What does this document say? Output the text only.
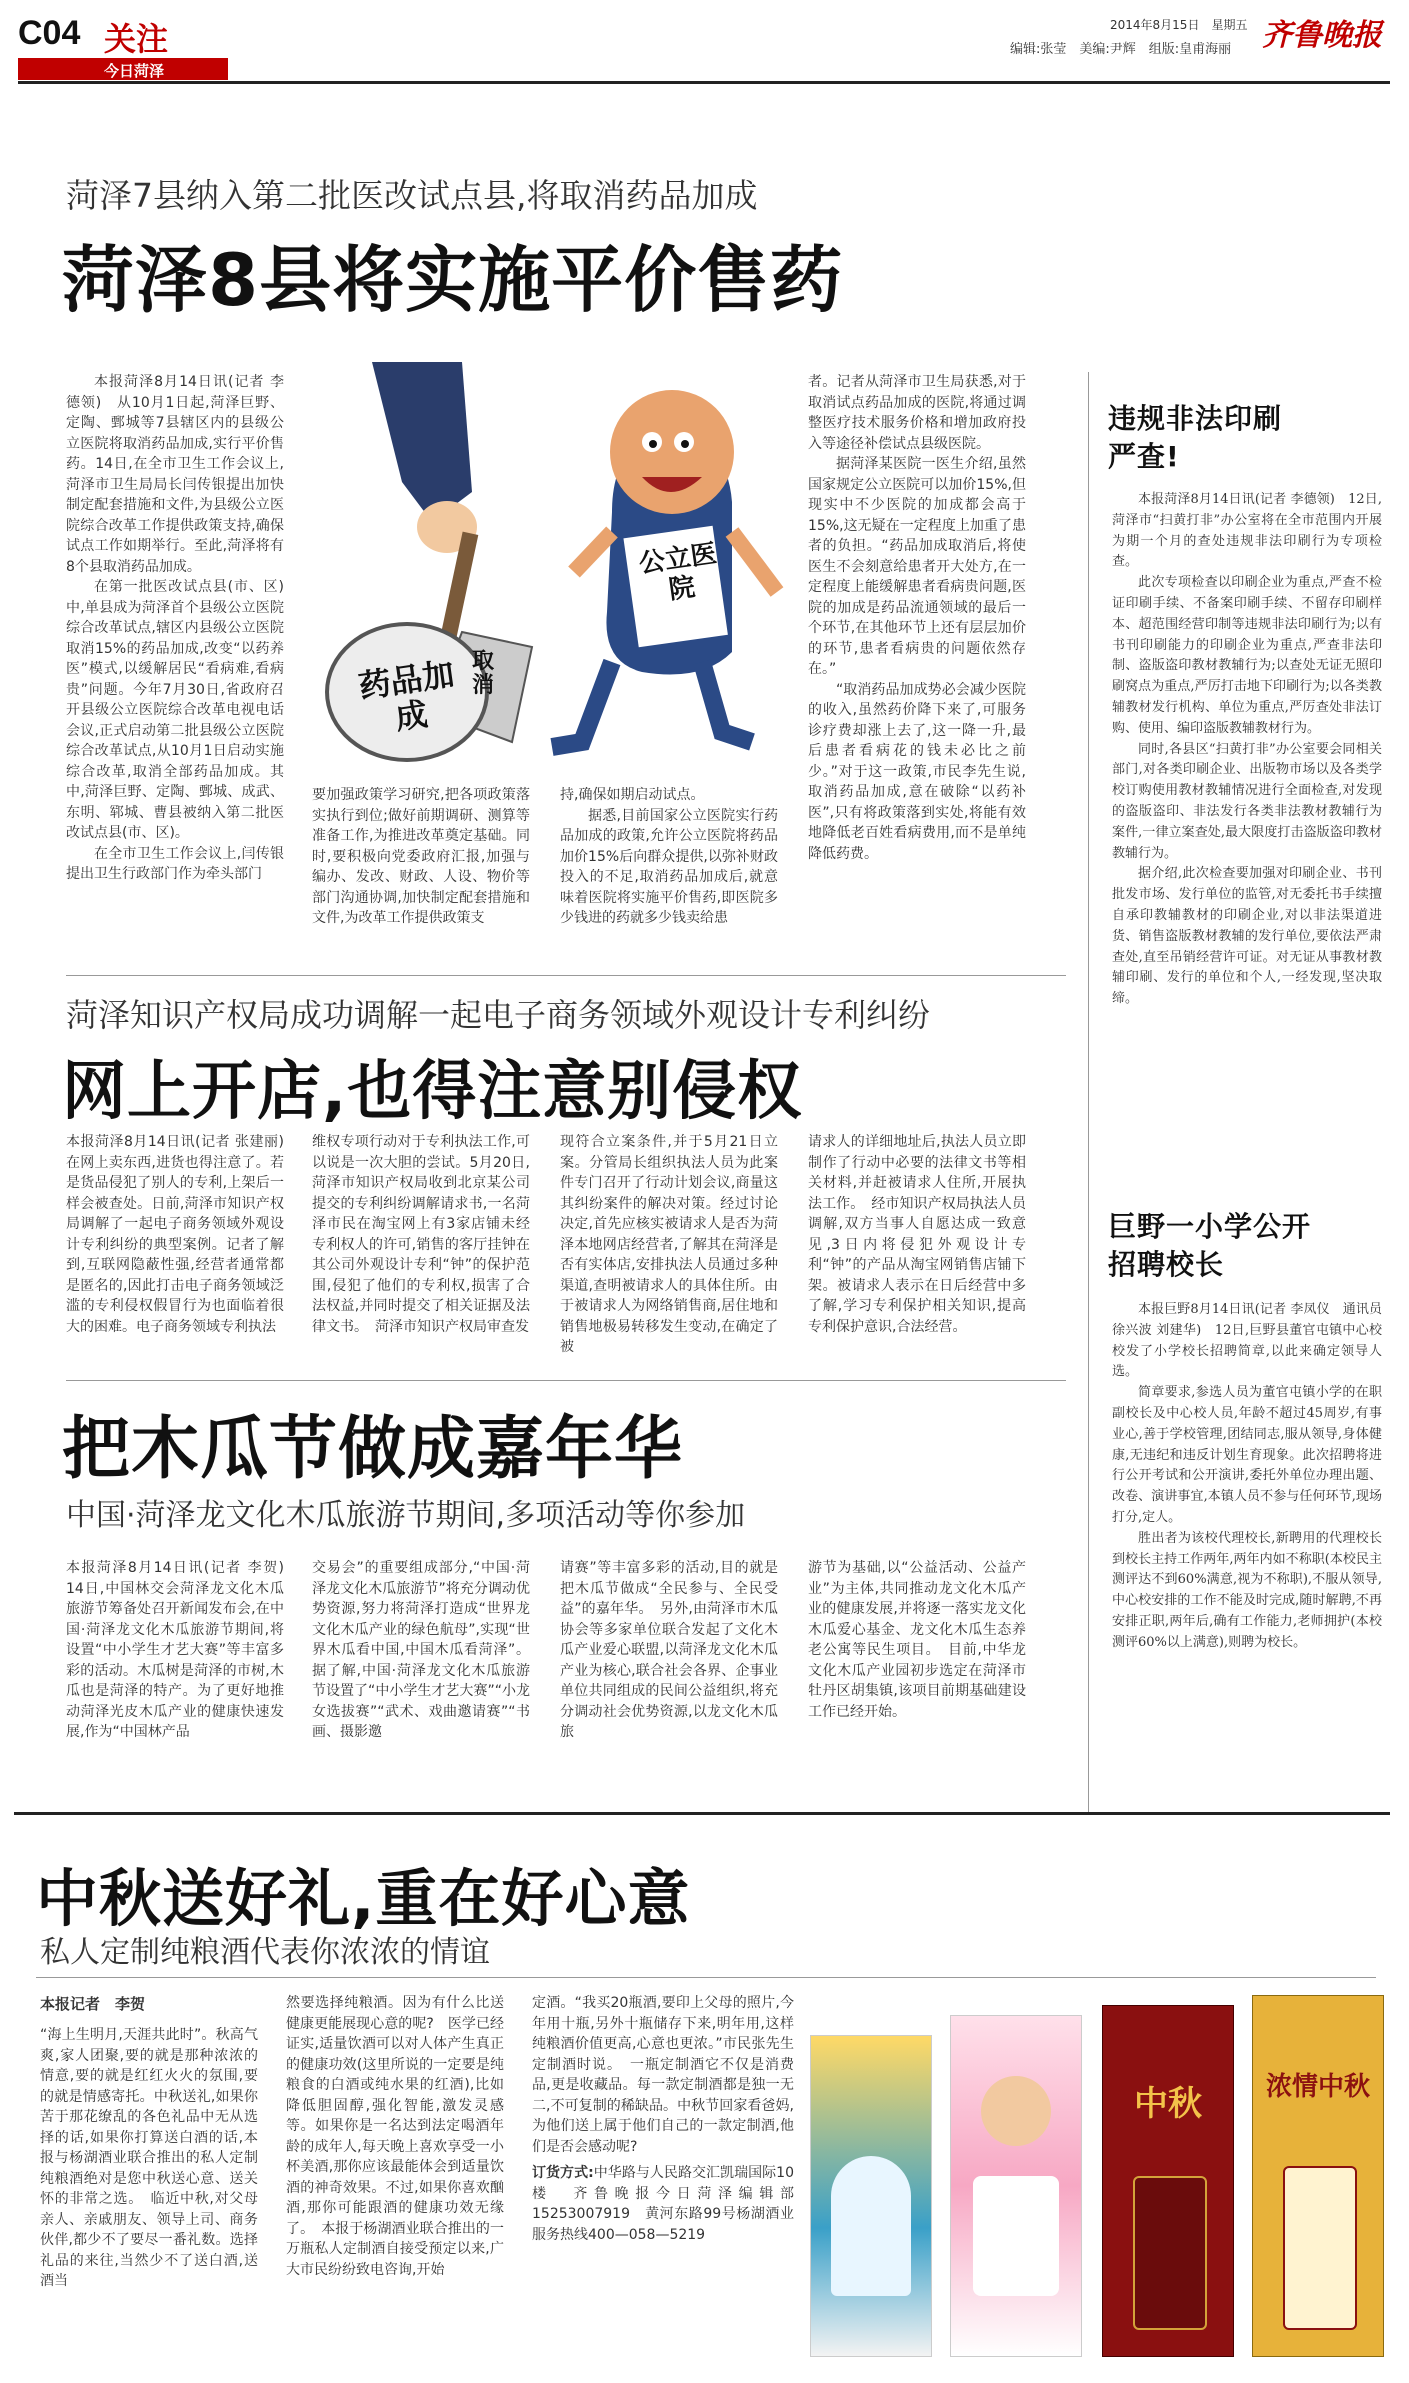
C04 关注
今日菏泽
2014年8月15日　星期五
编辑:张莹　美编:尹辉　组版:皇甫海丽 齐鲁晚报
菏泽7县纳入第二批医改试点县,将取消药品加成
菏泽8县将实施平价售药

本报菏泽8月14日讯(记者 李德领)　从10月1日起,菏泽巨野、定陶、鄄城等7县辖区内的县级公立医院将取消药品加成,实行平价售药。14日,在全市卫生工作会议上,菏泽市卫生局局长闫传银提出加快制定配套措施和文件,为县级公立医院综合改革工作提供政策支持,确保试点工作如期举行。至此,菏泽将有8个县取消药品加成。

在第一批医改试点县(市、区)中,单县成为菏泽首个县级公立医院综合改革试点,辖区内县级公立医院取消15%的药品加成,改变“以药养医”模式,以缓解居民“看病难,看病贵”问题。今年7月30日,省政府召开县级公立医院综合改革电视电话会议,正式启动第二批县级公立医院综合改革试点,从10月1日启动实施综合改革,取消全部药品加成。其中,菏泽巨野、定陶、鄄城、成武、东明、郓城、曹县被纳入第二批医改试点县(市、区)。

在全市卫生工作会议上,闫传银提出卫生行政部门作为牵头部门

药品加成
取消
公立医院

要加强政策学习研究,把各项政策落实执行到位;做好前期调研、测算等准备工作,为推进改革奠定基础。同时,要积极向党委政府汇报,加强与编办、发改、财政、人设、物价等部门沟通协调,加快制定配套措施和文件,为改革工作提供政策支

持,确保如期启动试点。

据悉,目前国家公立医院实行药品加成的政策,允许公立医院将药品加价15%后向群众提供,以弥补财政投入的不足,取消药品加成后,就意味着医院将实施平价售药,即医院多少钱进的药就多少钱卖给患

者。记者从菏泽市卫生局获悉,对于取消试点药品加成的医院,将通过调整医疗技术服务价格和增加政府投入等途径补偿试点县级医院。

据菏泽某医院一医生介绍,虽然国家规定公立医院可以加价15%,但现实中不少医院的加成都会高于15%,这无疑在一定程度上加重了患者的负担。“药品加成取消后,将使医生不会刻意给患者开大处方,在一定程度上能缓解患者看病贵问题,医院的加成是药品流通领域的最后一个环节,在其他环节上还有层层加价的环节,患者看病贵的问题依然存在。”

“取消药品加成势必会减少医院的收入,虽然药价降下来了,可服务诊疗费却涨上去了,这一降一升,最后患者看病花的钱未必比之前少。”对于这一政策,市民李先生说,取消药品加成,意在破除“以药补医”,只有将政策落到实处,将能有效地降低老百姓看病费用,而不是单纯降低药费。

违规非法印刷严查!

本报菏泽8月14日讯(记者 李德领)　12日,菏泽市“扫黄打非”办公室将在全市范围内开展为期一个月的查处违规非法印刷行为专项检查。

此次专项检查以印刷企业为重点,严查不检证印刷手续、不备案印刷手续、不留存印刷样本、超范围经营印制等违规非法印刷行为;以有书刊印刷能力的印刷企业为重点,严查非法印制、盗版盗印教材教辅行为;以查处无证无照印刷窝点为重点,严厉打击地下印刷行为;以各类教辅教材发行机构、单位为重点,严厉查处非法订购、使用、编印盗版教辅教材行为。

同时,各县区“扫黄打非”办公室要会同相关部门,对各类印刷企业、出版物市场以及各类学校订购使用教材教辅情况进行全面检查,对发现的盗版盗印、非法发行各类非法教材教辅行为案件,一律立案查处,最大限度打击盗版盗印教材教辅行为。

据介绍,此次检查要加强对印刷企业、书刊批发市场、发行单位的监管,对无委托书手续擅自承印教辅教材的印刷企业,对以非法渠道进货、销售盗版教材教辅的发行单位,要依法严肃查处,直至吊销经营许可证。对无证从事教材教辅印刷、发行的单位和个人,一经发现,坚决取缔。

巨野一小学公开招聘校长

本报巨野8月14日讯(记者 李凤仪　通讯员 徐兴波 刘建华)　12日,巨野县董官屯镇中心校校发了小学校长招聘简章,以此来确定领导人选。

简章要求,参选人员为董官屯镇小学的在职副校长及中心校人员,年龄不超过45周岁,有事业心,善于学校管理,团结同志,服从领导,身体健康,无违纪和违反计划生育现象。此次招聘将进行公开考试和公开演讲,委托外单位办理出题、改卷、演讲事宜,本镇人员不参与任何环节,现场打分,定人。

胜出者为该校代理校长,新聘用的代理校长到校长主持工作两年,两年内如不称职(本校民主测评达不到60%满意,视为不称职),不服从领导,中心校安排的工作不能及时完成,随时解聘,不再安排正职,两年后,确有工作能力,老师拥护(本校测评60%以上满意),则聘为校长。

菏泽知识产权局成功调解一起电子商务领域外观设计专利纠纷
网上开店,也得注意别侵权

本报菏泽8月14日讯(记者 张建丽)　在网上卖东西,进货也得注意了。若是货品侵犯了别人的专利,上架后一样会被查处。日前,菏泽市知识产权局调解了一起电子商务领域外观设计专利纠纷的典型案例。记者了解到,互联网隐蔽性强,经营者通常都是匿名的,因此打击电子商务领域泛滥的专利侵权假冒行为也面临着很大的困难。电子商务领域专利执法

维权专项行动对于专利执法工作,可以说是一次大胆的尝试。5月20日,菏泽市知识产权局收到北京某公司提交的专利纠纷调解请求书,一名菏泽市民在淘宝网上有3家店铺未经专利权人的许可,销售的客厅挂钟在其公司外观设计专利“钟”的保护范围,侵犯了他们的专利权,损害了合法权益,并同时提交了相关证据及法律文书。　菏泽市知识产权局审查发

现符合立案条件,并于5月21日立案。分管局长组织执法人员为此案件专门召开了行动计划会议,商量这其纠纷案件的解决对策。经过讨论决定,首先应核实被请求人是否为菏泽本地网店经营者,了解其在菏泽是否有实体店,安排执法人员通过多种渠道,查明被请求人的具体住所。由于被请求人为网络销售商,居住地和销售地极易转移发生变动,在确定了被

请求人的详细地址后,执法人员立即制作了行动中必要的法律文书等相关材料,并赶被请求人住所,开展执法工作。　经市知识产权局执法人员调解,双方当事人自愿达成一致意见,3日内将侵犯外观设计专利“钟”的产品从淘宝网销售店铺下架。被请求人表示在日后经营中多了解,学习专利保护相关知识,提高专利保护意识,合法经营。

把木瓜节做成嘉年华
中国·菏泽龙文化木瓜旅游节期间,多项活动等你参加

本报菏泽8月14日讯(记者 李贺)　14日,中国林交会菏泽龙文化木瓜旅游节筹备处召开新闻发布会,在中国·菏泽龙文化木瓜旅游节期间,将设置“中小学生才艺大赛”等丰富多彩的活动。木瓜树是菏泽的市树,木瓜也是菏泽的特产。为了更好地推动菏泽光皮木瓜产业的健康快速发展,作为“中国林产品

交易会”的重要组成部分,“中国·菏泽龙文化木瓜旅游节”将充分调动优势资源,努力将菏泽打造成“世界龙文化木瓜产业的绿色航母”,实现“世界木瓜看中国,中国木瓜看菏泽”。据了解,中国·菏泽龙文化木瓜旅游节设置了“中小学生才艺大赛”“小龙女选拔赛”“武术、戏曲邀请赛”“书画、摄影邀

请赛”等丰富多彩的活动,目的就是把木瓜节做成“全民参与、全民受益”的嘉年华。　另外,由菏泽市木瓜协会等多家单位联合发起了文化木瓜产业爱心联盟,以菏泽龙文化木瓜产业为核心,联合社会各界、企事业单位共同组成的民间公益组织,将充分调动社会优势资源,以龙文化木瓜旅

游节为基础,以“公益活动、公益产业”为主体,共同推动龙文化木瓜产业的健康发展,并将逐一落实龙文化木瓜爱心基金、龙文化木瓜生态养老公寓等民生项目。　目前,中华龙文化木瓜产业园初步选定在菏泽市牡丹区胡集镇,该项目前期基础建设工作已经开始。

中秋送好礼,重在好心意
私人定制纯粮酒代表你浓浓的情谊
本报记者　李贺

“海上生明月,天涯共此时”。秋高气爽,家人团聚,要的就是那种浓浓的情意,要的就是红红火火的氛围,要的就是情感寄托。中秋送礼,如果你苦于那花缭乱的各色礼品中无从选择的话,如果你打算送白酒的话,本报与杨湖酒业联合推出的私人定制纯粮酒绝对是您中秋送心意、送关怀的非常之选。　临近中秋,对父母亲人、亲戚朋友、领导上司、商务伙伴,都少不了要尽一番礼数。选择礼品的来往,当然少不了送白酒,送酒当

然要选择纯粮酒。因为有什么比送健康更能展现心意的呢?　医学已经证实,适量饮酒可以对人体产生真正的健康功效(这里所说的一定要是纯粮食的白酒或纯水果的红酒),比如降低胆固醇,强化智能,激发灵感等。如果你是一名达到法定喝酒年龄的成年人,每天晚上喜欢享受一小杯美酒,那你应该最能体会到适量饮酒的神奇效果。不过,如果你喜欢酗酒,那你可能跟酒的健康功效无缘了。　本报于杨湖酒业联合推出的一万瓶私人定制酒自接受预定以来,广大市民纷纷致电咨询,开始

定酒。“我买20瓶酒,要印上父母的照片,今年用十瓶,另外十瓶储存下来,明年用,这样纯粮酒价值更高,心意也更浓。”市民张先生定制酒时说。　一瓶定制酒它不仅是消费品,更是收藏品。每一款定制酒都是独一无二,不可复制的稀缺品。中秋节回家看爸妈,为他们送上属于他们自己的一款定制酒,他们是否会感动呢?

订货方式:中华路与人民路交汇凯瑞国际10楼　齐鲁晚报今日菏泽编辑部　15253007919　黄河东路99号杨湖酒业　服务热线400—058—5219

中秋	浓情中秋
